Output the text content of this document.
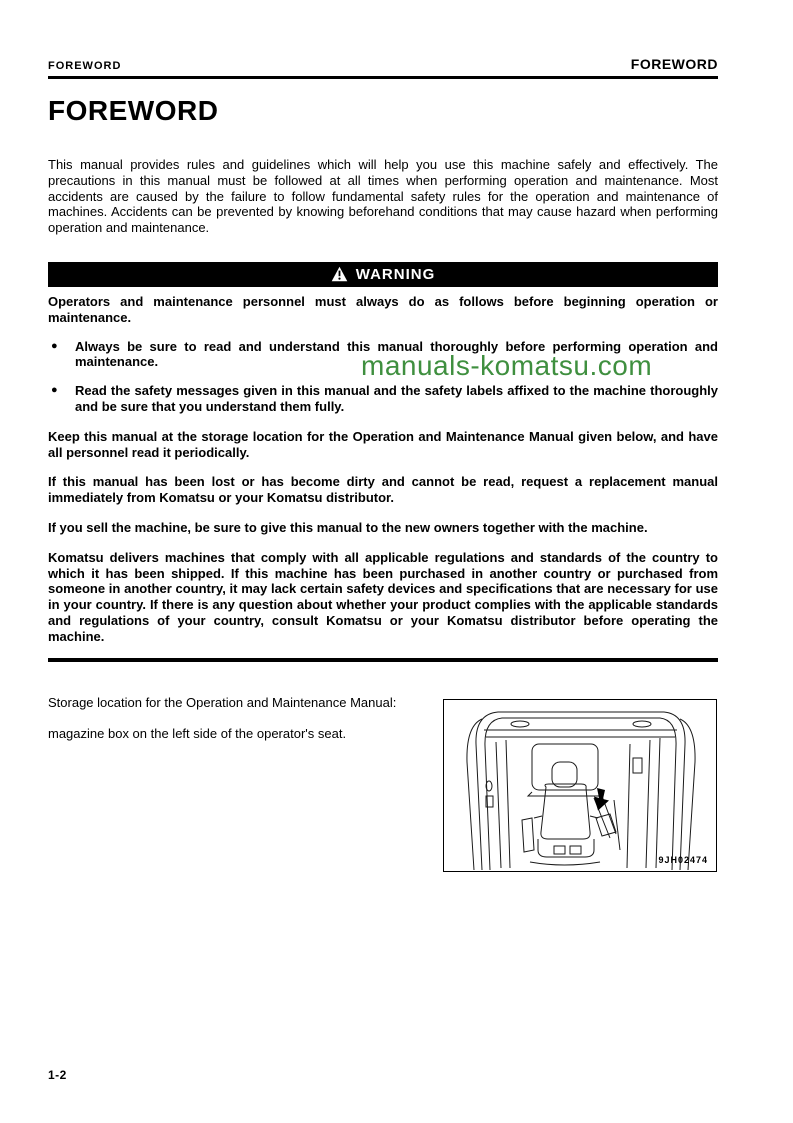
FOREWORD	FOREWORD
FOREWORD

This manual provides rules and guidelines which will help you use this machine safely and effectively. The precautions in this manual must be followed at all times when performing operation and maintenance. Most accidents are caused by the failure to follow fundamental safety rules for the operation and maintenance of machines. Accidents can be prevented by knowing beforehand conditions that may cause hazard when performing operation and maintenance.

WARNING

Operators and maintenance personnel must always do as follows before beginning operation or maintenance.

●	Always be sure to read and understand this manual thoroughly before performing operation and maintenance.
●	Read the safety messages given in this manual and the safety labels affixed to the machine thoroughly and be sure that you understand them fully.

Keep this manual at the storage location for the Operation and Maintenance Manual given below, and have all personnel read it periodically.

If this manual has been lost or has become dirty and cannot be read, request a replacement manual immediately from Komatsu or your Komatsu distributor.

If you sell the machine, be sure to give this manual to the new owners together with the machine.

Komatsu delivers machines that comply with all applicable regulations and standards of the country to which it has been shipped. If this machine has been purchased in another country or purchased from someone in another country, it may lack certain safety devices and specifications that are necessary for use in your country. If there is any question about whether your product complies with the applicable standards and regulations of your country, consult Komatsu or your Komatsu distributor before operating the machine.

Storage location for the Operation and Maintenance Manual:
magazine box on the left side of the operator's seat.
9JH02474
manuals-komatsu.com
1-2
